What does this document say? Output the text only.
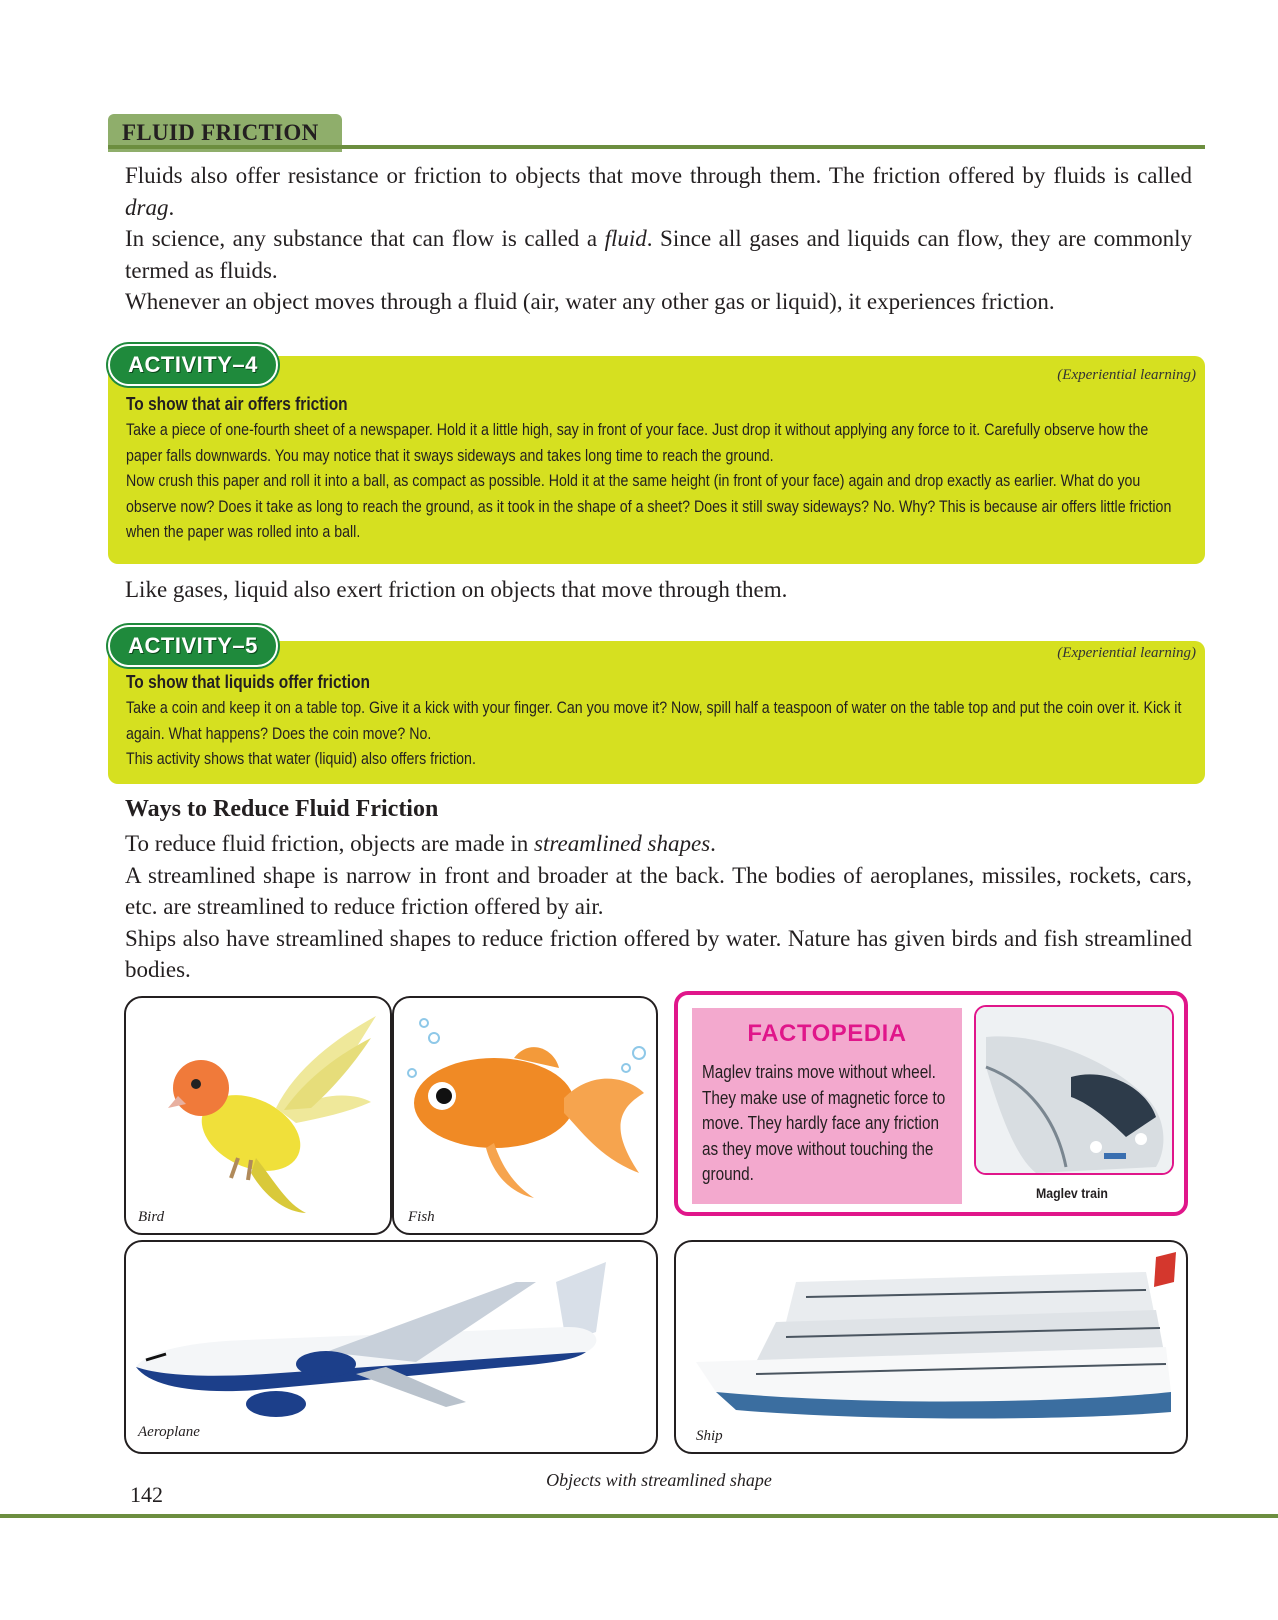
FLUID FRICTION

Fluids also offer resistance or friction to objects that move through them. The friction offered by fluids is called drag.

In science, any substance that can flow is called a fluid. Since all gases and liquids can flow, they are commonly termed as fluids.

Whenever an object moves through a fluid (air, water any other gas or liquid), it experiences friction.

ACTIVITY–4	(Experiential learning)
To show that air offers friction

Take a piece of one-fourth sheet of a newspaper. Hold it a little high, say in front of your face. Just drop it without applying any force to it. Carefully observe how the paper falls downwards. You may notice that it sways sideways and takes long time to reach the ground.

Now crush this paper and roll it into a ball, as compact as possible. Hold it at the same height (in front of your face) again and drop exactly as earlier. What do you observe now? Does it take as long to reach the ground, as it took in the shape of a sheet? Does it still sway sideways? No. Why? This is because air offers little friction when the paper was rolled into a ball.

Like gases, liquid also exert friction on objects that move through them.
ACTIVITY–5	(Experiential learning)
To show that liquids offer friction

Take a coin and keep it on a table top. Give it a kick with your finger. Can you move it? Now, spill half a teaspoon of water on the table top and put the coin over it. Kick it again. What happens? Does the coin move? No.

This activity shows that water (liquid) also offers friction.

Ways to Reduce Fluid Friction

To reduce fluid friction, objects are made in streamlined shapes.

A streamlined shape is narrow in front and broader at the back. The bodies of aeroplanes, missiles, rockets, cars, etc. are streamlined to reduce friction offered by air.

Ships also have streamlined shapes to reduce friction offered by water. Nature has given birds and fish streamlined bodies.

Bird	Fish
FACTOPEDIA
Maglev trains move without wheel. They make use of magnetic force to move. They hardly face any friction as they move without touching the ground.
Maglev train
Aeroplane	Ship
Objects with streamlined shape
142
